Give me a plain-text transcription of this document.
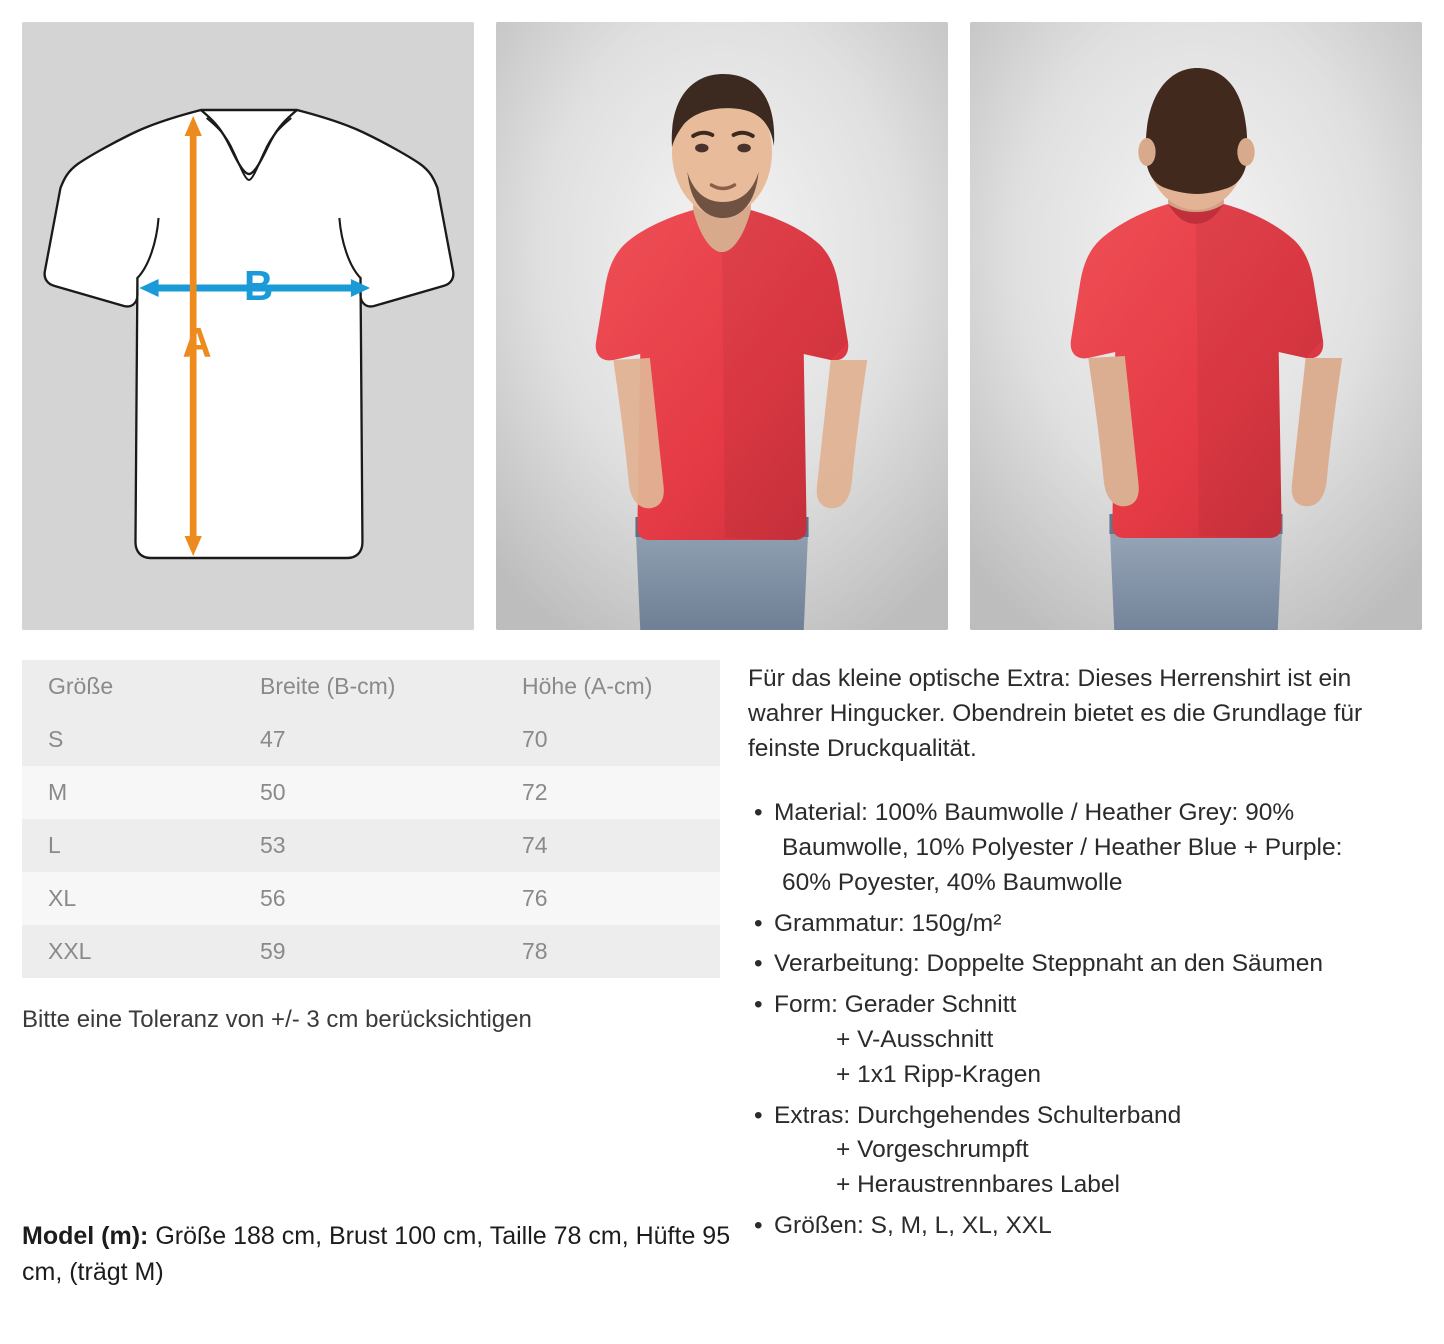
B
A
Größe	Breite (B-cm)	Höhe (A-cm)
S	47	70
M	50	72
L	53	74
XL	56	76
XXL	59	78
Bitte eine Toleranz von +/- 3 cm berücksichtigen

Für das kleine optische Extra: Dieses Herrenshirt ist ein wahrer Hingucker. Obendrein bietet es die Grundlage für feinste Druckqualität.

• Material: 100% Baumwolle / Heather Grey: 90%
Baumwolle, 10% Polyester / Heather Blue + Purple:
60% Poyester, 40% Baumwolle
• Grammatur: 150g/m²
• Verarbeitung: Doppelte Steppnaht an den Säumen
• Form: Gerader Schnitt
+ V-Ausschnitt
+ 1x1 Ripp-Kragen
• Extras: Durchgehendes Schulterband
+ Vorgeschrumpft
+ Heraustrennbares Label
• Größen: S, M, L, XL, XXL
Model (m): Größe 188 cm, Brust 100 cm, Taille 78 cm, Hüfte 95 cm, (trägt M)
